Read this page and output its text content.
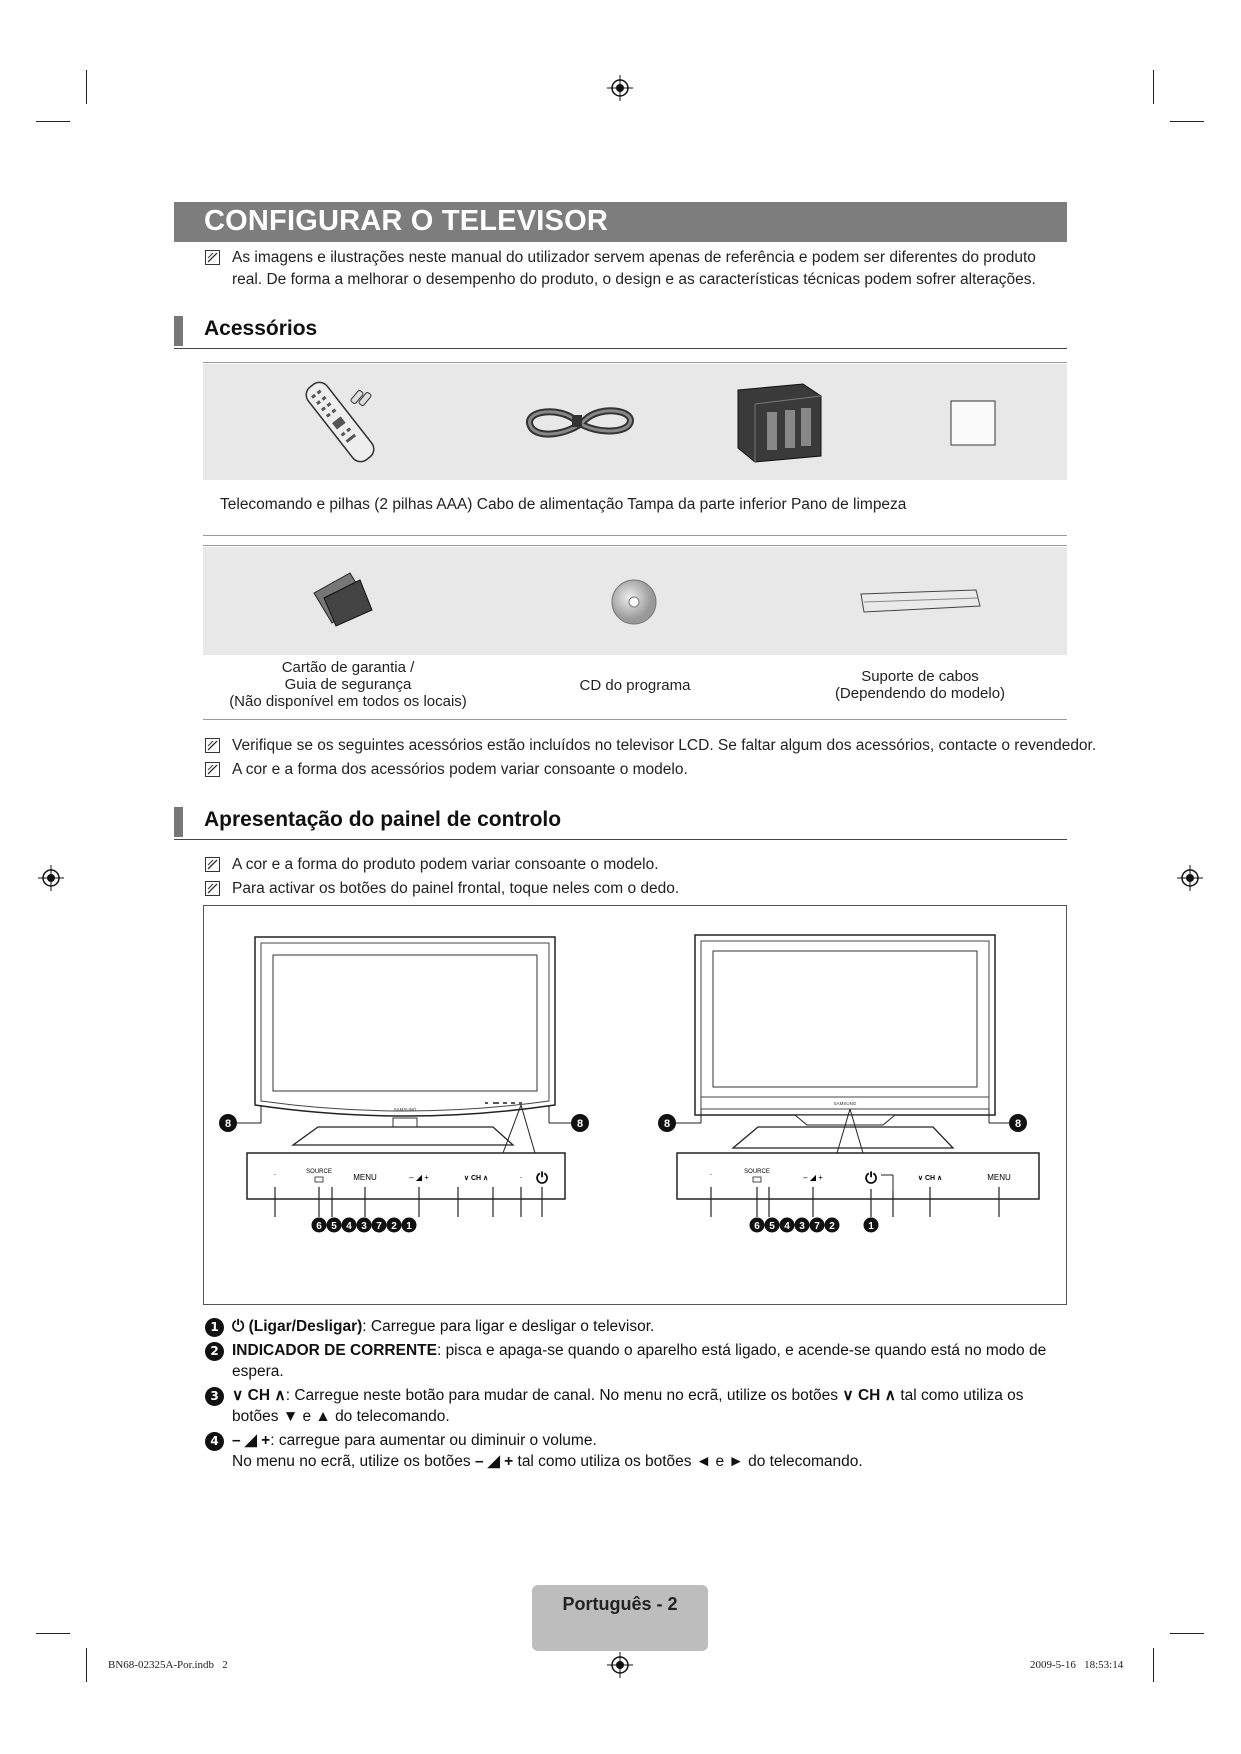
CONFIGURAR O TELEVISOR
As imagens e ilustrações neste manual do utilizador servem apenas de referência e podem ser diferentes do produto real. De forma a melhorar o desempenho do produto, o design e as características técnicas podem sofrer alterações.
Acessórios
Telecomando e pilhas (2 pilhas AAA) Cabo de alimentação Tampa da parte inferior Pano de limpeza
Cartão de garantia /
Guia de segurança
(Não disponível em todos os locais)
CD do programa
Suporte de cabos
(Dependendo do modelo)
Verifique se os seguintes acessórios estão incluídos no televisor LCD. Se faltar algum dos acessórios, contacte o revendedor.
A cor e a forma dos acessórios podem variar consoante o modelo.
Apresentação do painel de controlo
A cor e a forma do produto podem variar consoante o modelo.
Para activar os botões do painel frontal, toque neles com o dedo.
SAMSUNG
8	8
·	SOURCE
MENU	– ◢ +	∨ CH ∧	· ⏻
6 5 4 3 7 2 1
SAMSUNG
8	8
·	SOURCE
– ◢ +	⏻	∨ CH ∧	MENU
6 5 4 3 7 2	1
1 ⏻ (Ligar/Desligar): Carregue para ligar e desligar o televisor.
2 INDICADOR DE CORRENTE: pisca e apaga-se quando o aparelho está ligado, e acende-se quando está no modo de
espera.
3 ∨ CH ∧: Carregue neste botão para mudar de canal. No menu no ecrã, utilize os botões ∨ CH ∧ tal como utiliza os
botões ▼ e ▲ do telecomando.
4 – ◢ +: carregue para aumentar ou diminuir o volume.
No menu no ecrã, utilize os botões – ◢ + tal como utiliza os botões ◄ e ► do telecomando.
Português - 2
BN68-02325A-Por.indb   2	2009-5-16   18:53:14
